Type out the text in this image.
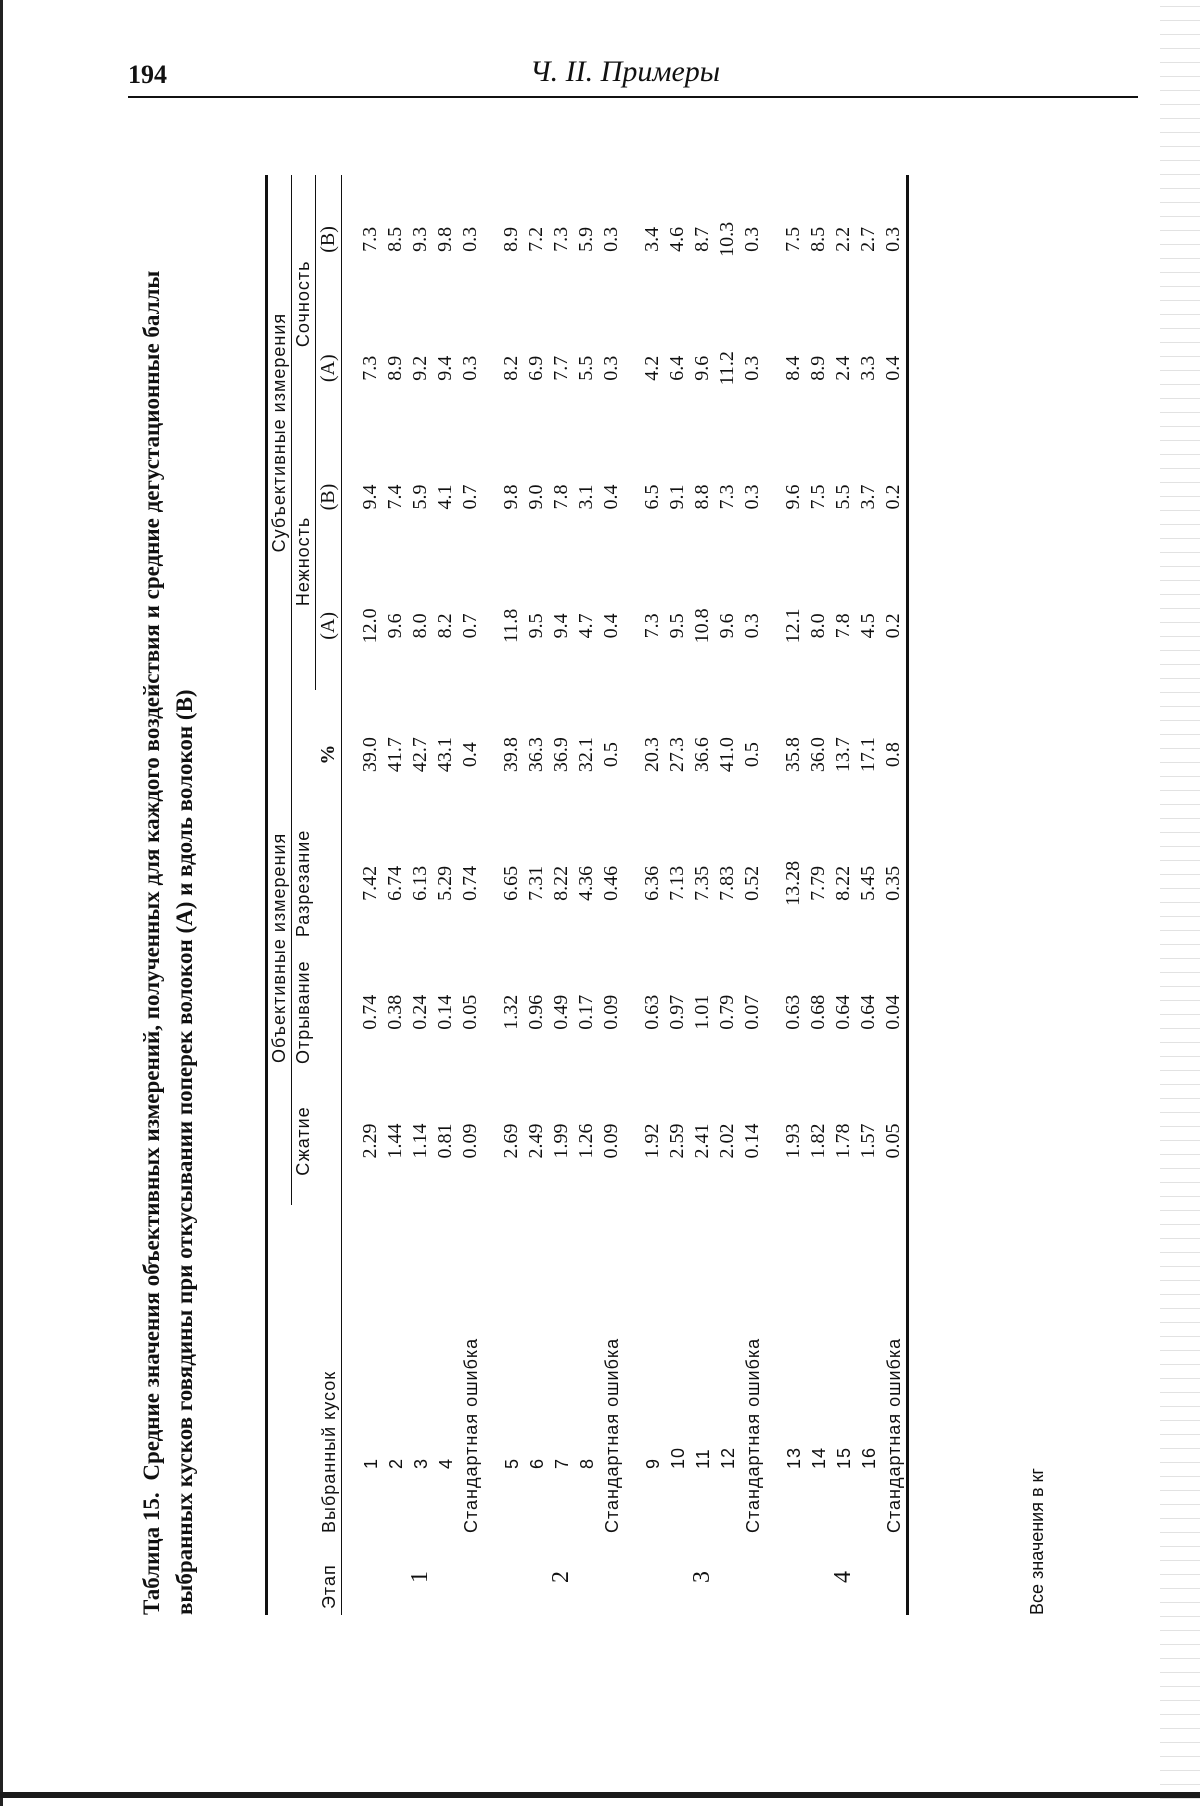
194	Ч. II. Примеры
Таблица 15. Средние значения объективных измерений, полученных для каждого воздействия и средние дегустационные баллы выбранных кусков говядины при откусывании поперек волокон (А) и вдоль волокон (В)
			Объективные измерения				Субъективные измерения			
		Сжатие	Отрывание	Разрезание		Нежность		Сочность	
Этап	Выбранный кусок				%	(А)	(В)	(А)	(В)

1	1	2.29	0.74	7.42	39.0	12.0	9.4	7.3	7.3
	2	1.44	0.38	6.74	41.7	9.6	7.4	8.9	8.5
	3	1.14	0.24	6.13	42.7	8.0	5.9	9.2	9.3
	4	0.81	0.14	5.29	43.1	8.2	4.1	9.4	9.8
	Стандартная ошибка	0.09	0.05	0.74	0.4	0.7	0.7	0.3	0.3

2	5	2.69	1.32	6.65	39.8	11.8	9.8	8.2	8.9
	6	2.49	0.96	7.31	36.3	9.5	9.0	6.9	7.2
	7	1.99	0.49	8.22	36.9	9.4	7.8	7.7	7.3
	8	1.26	0.17	4.36	32.1	4.7	3.1	5.5	5.9
	Стандартная ошибка	0.09	0.09	0.46	0.5	0.4	0.4	0.3	0.3

3	9	1.92	0.63	6.36	20.3	7.3	6.5	4.2	3.4
	10	2.59	0.97	7.13	27.3	9.5	9.1	6.4	4.6
	11	2.41	1.01	7.35	36.6	10.8	8.8	9.6	8.7
	12	2.02	0.79	7.83	41.0	9.6	7.3	11.2	10.3
	Стандартная ошибка	0.14	0.07	0.52	0.5	0.3	0.3	0.3	0.3

4	13	1.93	0.63	13.28	35.8	12.1	9.6	8.4	7.5
	14	1.82	0.68	7.79	36.0	8.0	7.5	8.9	8.5
	15	1.78	0.64	8.22	13.7	7.8	5.5	2.4	2.2
	16	1.57	0.64	5.45	17.1	4.5	3.7	3.3	2.7
	Стандартная ошибка	0.05	0.04	0.35	0.8	0.2	0.2	0.4	0.3
Все значения в кг
